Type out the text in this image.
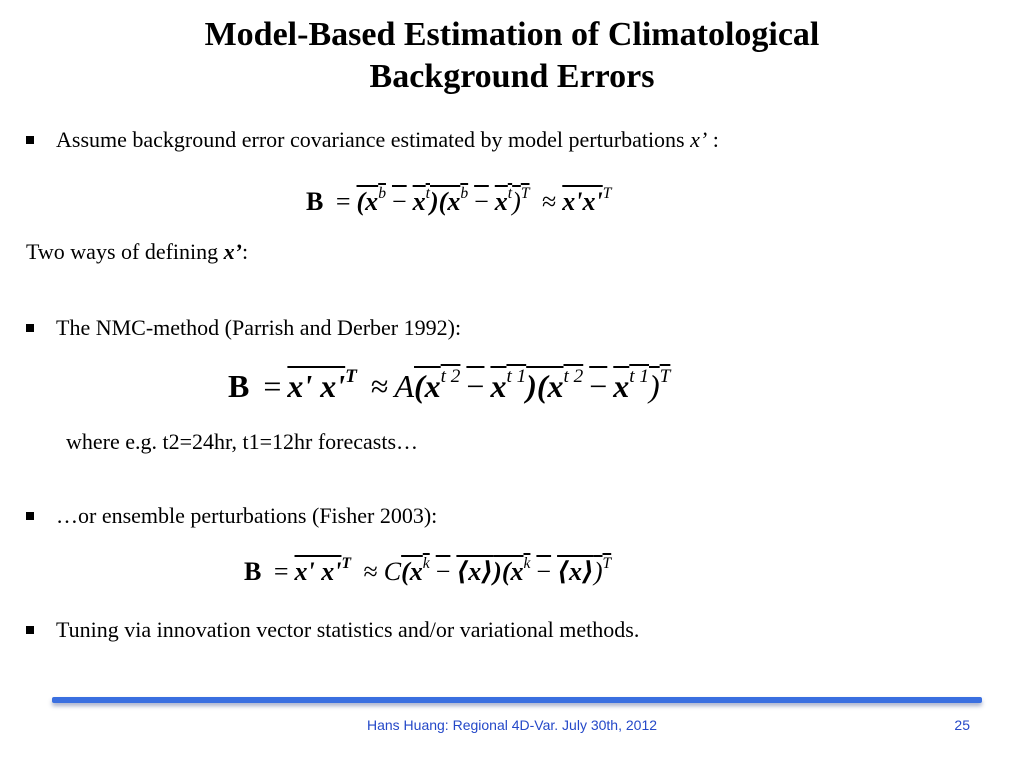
Model-Based Estimation of Climatological
Background Errors
Assume background error covariance estimated by model perturbations x’ :
$B = (x^b - x^t)(x^b - x^t)^T \approx x'x'^T$
Two ways of defining x’:
The NMC-method (Parrish and Derber 1992):
B = x' $x'^T \approx A(x^{t 2} - x^{t 1})(x^{t 2} - x^{t 1})^T$
where e.g. t2=24hr, t1=12hr forecasts…
…or ensemble perturbations (Fisher 2003):
B = x' $x'^T \approx C(x^k$ − $⟨x⟩)(x^k$ − ⟨x⟩)$^T$
Tuning via innovation vector statistics and/or variational methods.
Hans Huang: Regional 4D-Var. July 30th, 2012	25
